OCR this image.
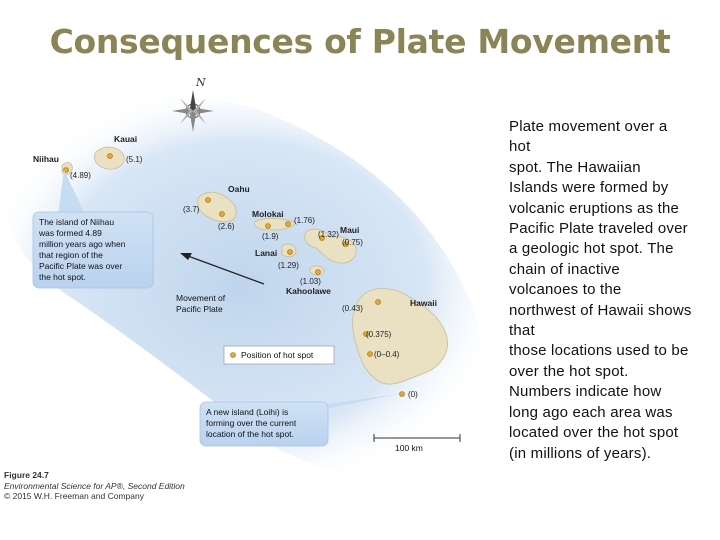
Consequences of Plate Movement
N
Niihau
Kauai
Oahu
Molokai
Maui
Lanai
Kahoolawe
Hawaii
(4.89)
(5.1)
(3.7)
(2.6)
(1.76)
(1.9)	(1.32)
(0.75)
(1.29)
(1.03)
(0.43)
(0.375)
(0–0.4)
(0)
The island of Niihau
was formed 4.89
million years ago when
that region of the
Pacific Plate was over
the hot spot.
Movement of
Pacific Plate
Position of hot spot
A new island (Loihi) is
forming over the current
location of the hot spot.
100 km
Plate movement over a
hot
spot. The Hawaiian
Islands were formed by
volcanic eruptions as the
Pacific Plate traveled over
a geologic hot spot. The
chain of inactive
volcanoes to the
northwest of Hawaii shows
that
those locations used to be
over the hot spot.
Numbers indicate how
long ago each area was
located over the hot spot
(in millions of years).
Figure 24.7
Environmental Science for AP®, Second Edition
© 2015 W.H. Freeman and Company
